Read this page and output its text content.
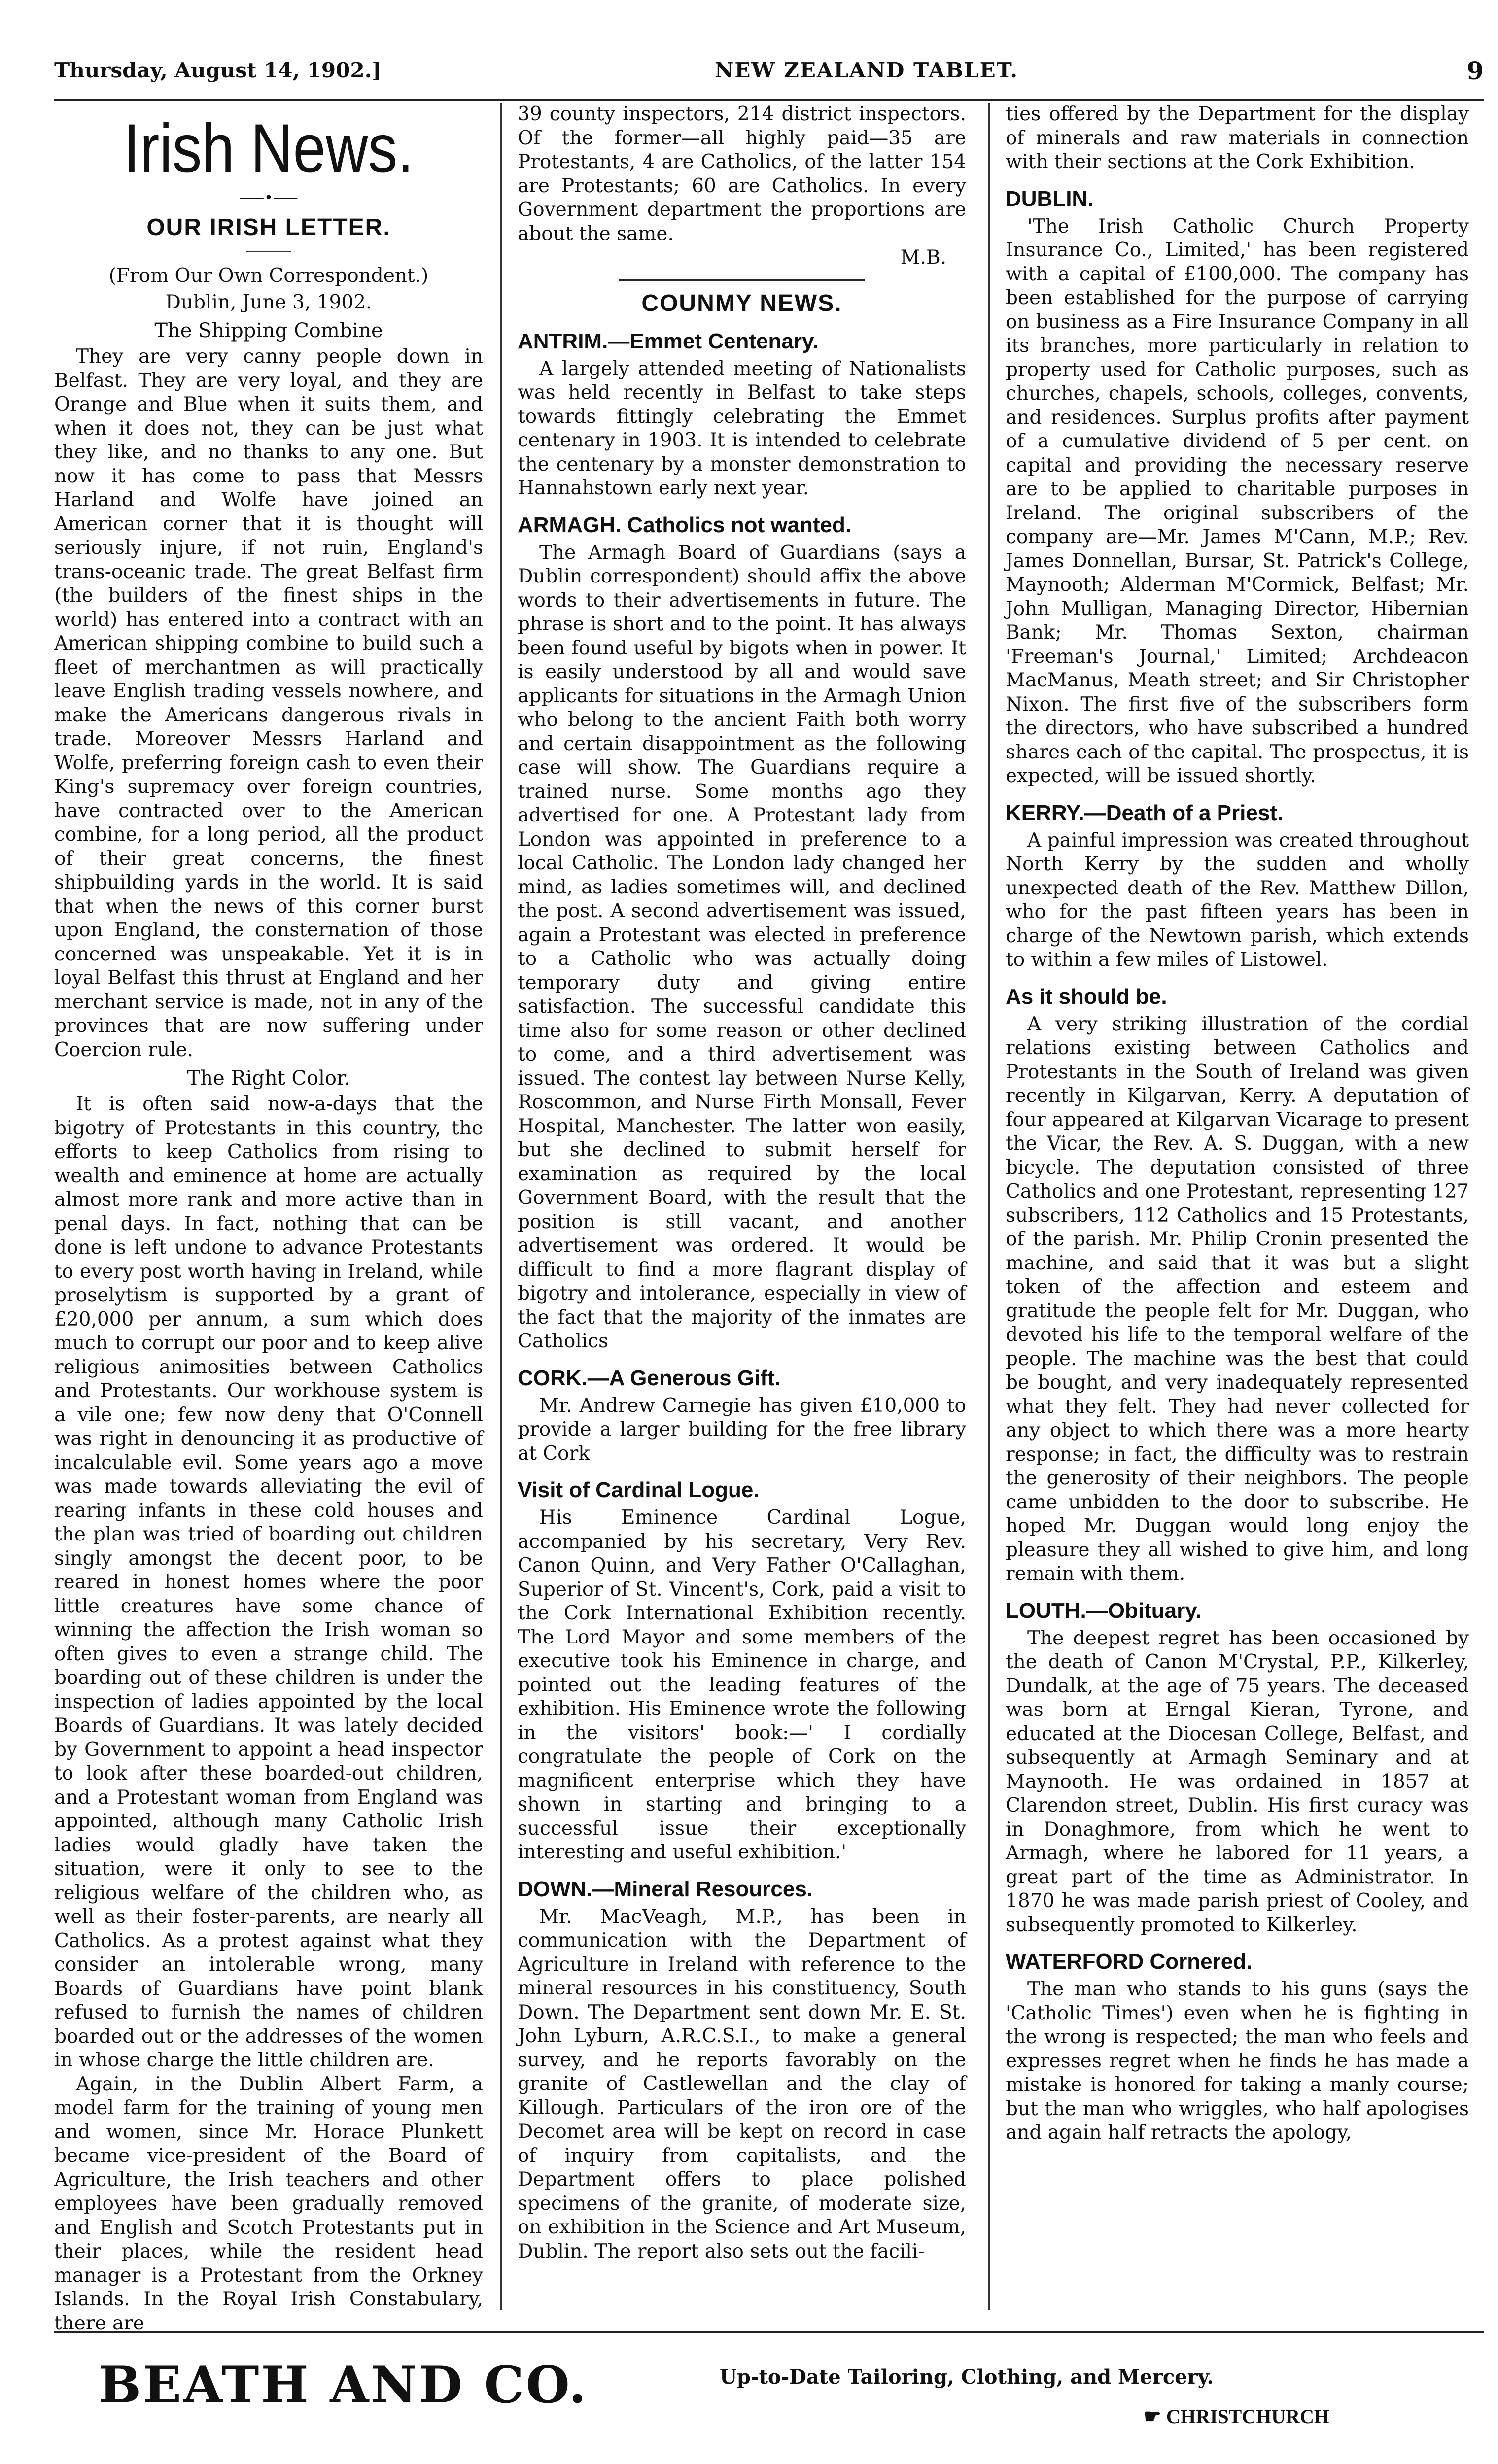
Thursday, August 14, 1902.]	NEW ZEALAND TABLET.	9
Irish News.
⸺•⸺
OUR IRISH LETTER.

(From Our Own Correspondent.)

Dublin, June 3, 1902.

The Shipping Combine

They are very canny people down in Belfast. They are very loyal, and they are Orange and Blue when it suits them, and when it does not, they can be just what they like, and no thanks to any one. But now it has come to pass that Messrs Harland and Wolfe have joined an American corner that it is thought will seriously injure, if not ruin, England's trans-oceanic trade. The great Belfast firm (the builders of the finest ships in the world) has entered into a contract with an American shipping combine to build such a fleet of merchantmen as will practically leave English trading vessels nowhere, and make the Americans dangerous rivals in trade. Moreover Messrs Harland and Wolfe, preferring foreign cash to even their King's supremacy over foreign countries, have contracted over to the American combine, for a long period, all the product of their great concerns, the finest shipbuilding yards in the world. It is said that when the news of this corner burst upon England, the consternation of those concerned was unspeakable. Yet it is in loyal Belfast this thrust at England and her merchant service is made, not in any of the provinces that are now suffering under Coercion rule.

The Right Color.

It is often said now-a-days that the bigotry of Protestants in this country, the efforts to keep Catholics from rising to wealth and eminence at home are actually almost more rank and more active than in penal days. In fact, nothing that can be done is left undone to advance Protestants to every post worth having in Ireland, while proselytism is supported by a grant of £20,000 per annum, a sum which does much to corrupt our poor and to keep alive religious animosities between Catholics and Protestants. Our workhouse system is a vile one; few now deny that O'Connell was right in denouncing it as productive of incalculable evil. Some years ago a move was made towards alleviating the evil of rearing infants in these cold houses and the plan was tried of boarding out children singly amongst the decent poor, to be reared in honest homes where the poor little creatures have some chance of winning the affection the Irish woman so often gives to even a strange child. The boarding out of these children is under the inspection of ladies appointed by the local Boards of Guardians. It was lately decided by Government to appoint a head inspector to look after these boarded-out children, and a Protestant woman from England was appointed, although many Catholic Irish ladies would gladly have taken the situation, were it only to see to the religious welfare of the children who, as well as their foster-parents, are nearly all Catholics. As a protest against what they consider an intolerable wrong, many Boards of Guardians have point blank refused to furnish the names of children boarded out or the addresses of the women in whose charge the little children are.

Again, in the Dublin Albert Farm, a model farm for the training of young men and women, since Mr. Horace Plunkett became vice-president of the Board of Agriculture, the Irish teachers and other employees have been gradually removed and English and Scotch Protestants put in their places, while the resident head manager is a Protestant from the Orkney Islands. In the Royal Irish Constabulary, there are

39 county inspectors, 214 district inspectors. Of the former—all highly paid—35 are Protestants, 4 are Catholics, of the latter 154 are Protestants; 60 are Catholics. In every Government department the proportions are about the same.

M.B.

COUNMY NEWS.
ANTRIM.—Emmet Centenary.

A largely attended meeting of Nationalists was held recently in Belfast to take steps towards fittingly celebrating the Emmet centenary in 1903. It is intended to celebrate the centenary by a monster demonstration to Hannahstown early next year.

ARMAGH. Catholics not wanted.

The Armagh Board of Guardians (says a Dublin correspondent) should affix the above words to their advertisements in future. The phrase is short and to the point. It has always been found useful by bigots when in power. It is easily understood by all and would save applicants for situations in the Armagh Union who belong to the ancient Faith both worry and certain disappointment as the following case will show. The Guardians require a trained nurse. Some months ago they advertised for one. A Protestant lady from London was appointed in preference to a local Catholic. The London lady changed her mind, as ladies sometimes will, and declined the post. A second advertisement was issued, again a Protestant was elected in preference to a Catholic who was actually doing temporary duty and giving entire satisfaction. The successful candidate this time also for some reason or other declined to come, and a third advertisement was issued. The contest lay between Nurse Kelly, Roscommon, and Nurse Firth Monsall, Fever Hospital, Manchester. The latter won easily, but she declined to submit herself for examination as required by the local Government Board, with the result that the position is still vacant, and another advertisement was ordered. It would be difficult to find a more flagrant display of bigotry and intolerance, especially in view of the fact that the majority of the inmates are Catholics

CORK.—A Generous Gift.

Mr. Andrew Carnegie has given £10,000 to provide a larger building for the free library at Cork

Visit of Cardinal Logue.

His Eminence Cardinal Logue, accompanied by his secretary, Very Rev. Canon Quinn, and Very Father O'Callaghan, Superior of St. Vincent's, Cork, paid a visit to the Cork International Exhibition recently. The Lord Mayor and some members of the executive took his Eminence in charge, and pointed out the leading features of the exhibition. His Eminence wrote the following in the visitors' book:—' I cordially congratulate the people of Cork on the magnificent enterprise which they have shown in starting and bringing to a successful issue their exceptionally interesting and useful exhibition.'

DOWN.—Mineral Resources.

Mr. MacVeagh, M.P., has been in communication with the Department of Agriculture in Ireland with reference to the mineral resources in his constituency, South Down. The Department sent down Mr. E. St. John Lyburn, A.R.C.S.I., to make a general survey, and he reports favorably on the granite of Castlewellan and the clay of Killough. Particulars of the iron ore of the Decomet area will be kept on record in case of inquiry from capitalists, and the Department offers to place polished specimens of the granite, of moderate size, on exhibition in the Science and Art Museum, Dublin. The report also sets out the facili-

ties offered by the Department for the display of minerals and raw materials in connection with their sections at the Cork Exhibition.

DUBLIN.

'The Irish Catholic Church Property Insurance Co., Limited,' has been registered with a capital of £100,000. The company has been established for the purpose of carrying on business as a Fire Insurance Company in all its branches, more particularly in relation to property used for Catholic purposes, such as churches, chapels, schools, colleges, convents, and residences. Surplus profits after payment of a cumulative dividend of 5 per cent. on capital and providing the necessary reserve are to be applied to charitable purposes in Ireland. The original subscribers of the company are—Mr. James M'Cann, M.P.; Rev. James Donnellan, Bursar, St. Patrick's College, Maynooth; Alderman M'Cormick, Belfast; Mr. John Mulligan, Managing Director, Hibernian Bank; Mr. Thomas Sexton, chairman 'Freeman's Journal,' Limited; Archdeacon MacManus, Meath street; and Sir Christopher Nixon. The first five of the subscribers form the directors, who have subscribed a hundred shares each of the capital. The prospectus, it is expected, will be issued shortly.

KERRY.—Death of a Priest.

A painful impression was created throughout North Kerry by the sudden and wholly unexpected death of the Rev. Matthew Dillon, who for the past fifteen years has been in charge of the Newtown parish, which extends to within a few miles of Listowel.

As it should be.

A very striking illustration of the cordial relations existing between Catholics and Protestants in the South of Ireland was given recently in Kilgarvan, Kerry. A deputation of four appeared at Kilgarvan Vicarage to present the Vicar, the Rev. A. S. Duggan, with a new bicycle. The deputation consisted of three Catholics and one Protestant, representing 127 subscribers, 112 Catholics and 15 Protestants, of the parish. Mr. Philip Cronin presented the machine, and said that it was but a slight token of the affection and esteem and gratitude the people felt for Mr. Duggan, who devoted his life to the temporal welfare of the people. The machine was the best that could be bought, and very inadequately represented what they felt. They had never collected for any object to which there was a more hearty response; in fact, the difficulty was to restrain the generosity of their neighbors. The people came unbidden to the door to subscribe. He hoped Mr. Duggan would long enjoy the pleasure they all wished to give him, and long remain with them.

LOUTH.—Obituary.

The deepest regret has been occasioned by the death of Canon M'Crystal, P.P., Kilkerley, Dundalk, at the age of 75 years. The deceased was born at Erngal Kieran, Tyrone, and educated at the Diocesan College, Belfast, and subsequently at Armagh Seminary and at Maynooth. He was ordained in 1857 at Clarendon street, Dublin. His first curacy was in Donaghmore, from which he went to Armagh, where he labored for 11 years, a great part of the time as Administrator. In 1870 he was made parish priest of Cooley, and subsequently promoted to Kilkerley.

WATERFORD Cornered.

The man who stands to his guns (says the 'Catholic Times') even when he is fighting in the wrong is respected; the man who feels and expresses regret when he finds he has made a mistake is honored for taking a manly course; but the man who wriggles, who half apologises and again half retracts the apology,

BEATH AND CO.	Up-to-Date Tailoring, Clothing, and Mercery.
☛ CHRISTCHURCH
